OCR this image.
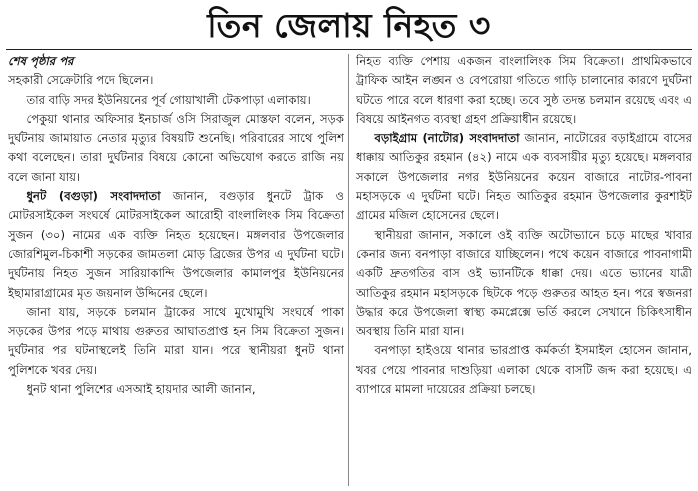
তিন জেলায় নিহত ৩
শেষ পৃষ্ঠার পর

সহকারী সেক্রেটারি পদে ছিলেন।

তার বাড়ি সদর ইউনিয়নের পূর্ব গোয়াখালী টেকপাড়া এলাকায়।

পেকুয়া থানার অফিসার ইনচার্জ ওসি সিরাজুল মোস্তফা বলেন, সড়ক দুর্ঘটনায় জামায়াত নেতার মৃত্যুর বিষয়টি শুনেছি। পরিবারের সাথে পুলিশ কথা বলেছেন। তারা দুর্ঘটনার বিষয়ে কোনো অভিযোগ করতে রাজি নয় বলে জানা যায়।

ধুনট (বগুড়া) সংবাদদাতা জানান, বগুড়ার ধুনটে ট্রাক ও মোটরসাইকেল সংঘর্ষে মোটরসাইকেল আরোহী বাংলালিংক সিম বিক্রেতা সুজন (৩০) নামের এক ব্যক্তি নিহত হয়েছেন। মঙ্গলবার উপজেলার জোরশিমুল-চিকাশী সড়কের জামতলা মোড় ব্রিজের উপর এ দুর্ঘটনা ঘটে। দুর্ঘটনায় নিহত সুজন সারিয়াকান্দি উপজেলার কামালপুর ইউনিয়নের ইছামারাগ্রামের মৃত জয়নাল উদ্দিনের ছেলে।

জানা যায়, সড়কে চলমান ট্রাকের সাথে মুখোমুখি সংঘর্ষে পাকা সড়কের উপর পড়ে মাথায় গুরুতর আঘাতপ্রাপ্ত হন সিম বিক্রেতা সুজন। দুর্ঘটনার পর ঘটনাস্থলেই তিনি মারা যান। পরে স্থানীয়রা ধুনট থানা পুলিশকে খবর দেয়।

ধুনট থানা পুলিশের এসআই হায়দার আলী জানান,

নিহত ব্যক্তি পেশায় একজন বাংলালিংক সিম বিক্রেতা। প্রাথমিকভাবে ট্রাফিক আইন লঙ্ঘন ও বেপরোয়া গতিতে গাড়ি চালানোর কারণে দুর্ঘটনা ঘটতে পারে বলে ধারণা করা হচ্ছে। তবে সুষ্ঠ তদন্ত চলমান রয়েছে এবং এ বিষয়ে আইনগত ব্যবস্থা গ্রহণ প্রক্রিয়াধীন রয়েছে।

বড়াইগ্রাম (নাটোর) সংবাদদাতা জানান, নাটোরের বড়াইগ্রামে বাসের ধাক্কায় আতিকুর রহমান (৪২) নামে এক ব্যবসায়ীর মৃত্যু হয়েছে। মঙ্গলবার সকালে উপজেলার নগর ইউনিয়নের কয়েন বাজারে নাটোর-পাবনা মহাসড়কে এ দুর্ঘটনা ঘটে। নিহত আতিকুর রহমান উপজেলার কুরশাইট গ্রামের মজিল হোসেনের ছেলে।

স্থানীয়রা জানান, সকালে ওই ব্যক্তি অটোভ্যানে চড়ে মাছের খাবার কেনার জন্য বনপাড়া বাজারে যাচ্ছিলেন। পথে কয়েন বাজারে পাবনাগামী একটি দ্রুতগতির বাস ওই ভ্যানটিকে ধাক্কা দেয়। এতে ভ্যানের যাত্রী আতিকুর রহমান মহাসড়কে ছিটকে পড়ে গুরুতর আহত হন। পরে স্বজনরা উদ্ধার করে উপজেলা স্বাস্থ্য কমপ্লেক্সে ভর্তি করলে সেখানে চিকিৎসাধীন অবস্থায় তিনি মারা যান।

বনপাড়া হাইওয়ে থানার ভারপ্রাপ্ত কর্মকর্তা ইসমাইল হোসেন জানান, খবর পেয়ে পাবনার দাশুড়িয়া এলাকা থেকে বাসটি জব্দ করা হয়েছে। এ ব্যাপারে মামলা দায়েরের প্রক্রিয়া চলছে।
